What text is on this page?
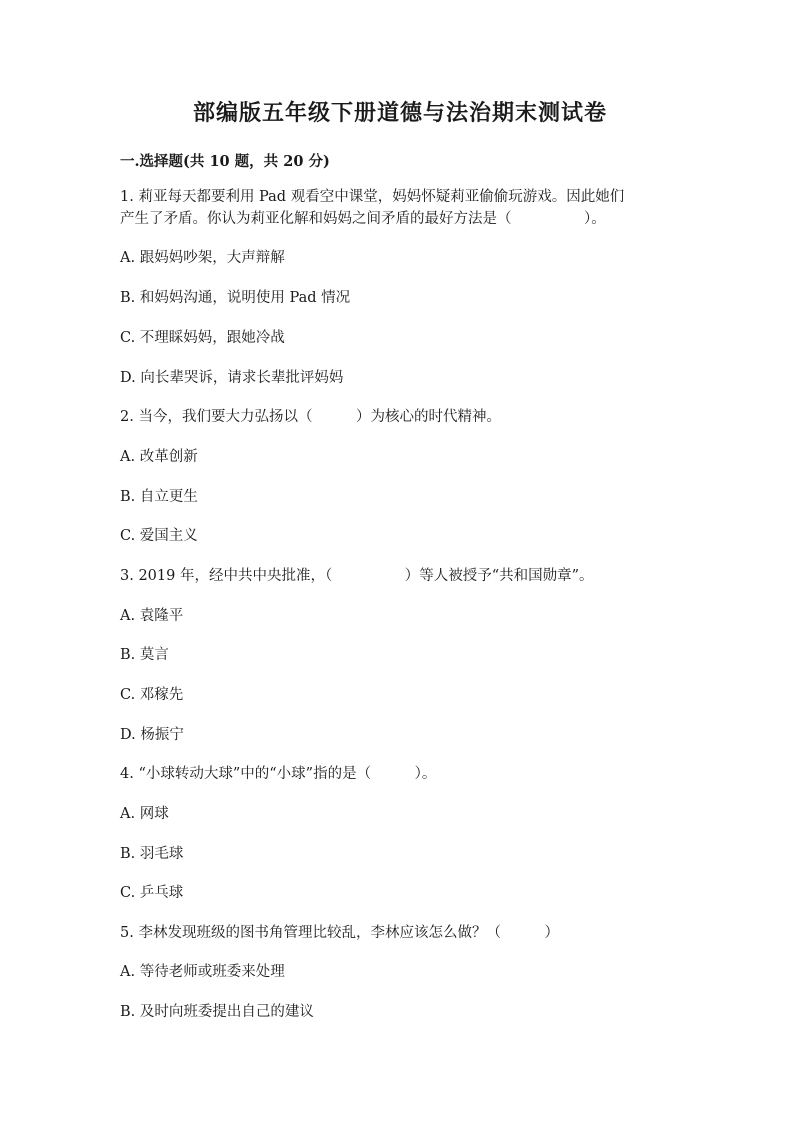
部编版五年级下册道德与法治期末测试卷
一.选择题(共 10 题，共 20 分)
1. 莉亚每天都要利用 Pad 观看空中课堂，妈妈怀疑莉亚偷偷玩游戏。因此她们
产生了矛盾。你认为莉亚化解和妈妈之间矛盾的最好方法是（　　　　　）。
A. 跟妈妈吵架，大声辩解
B. 和妈妈沟通，说明使用 Pad 情况
C. 不理睬妈妈，跟她冷战
D. 向长辈哭诉，请求长辈批评妈妈
2. 当今，我们要大力弘扬以（　　　）为核心的时代精神。
A. 改革创新
B. 自立更生
C. 爱国主义
3. 2019 年，经中共中央批准，（　　　　　）等人被授予“共和国勋章”。
A. 袁隆平
B. 莫言
C. 邓稼先
D. 杨振宁
4. “小球转动大球”中的“小球”指的是（　　　）。
A. 网球
B. 羽毛球
C. 乒乓球
5. 李林发现班级的图书角管理比较乱，李林应该怎么做？（　　　）
A. 等待老师或班委来处理
B. 及时向班委提出自己的建议
